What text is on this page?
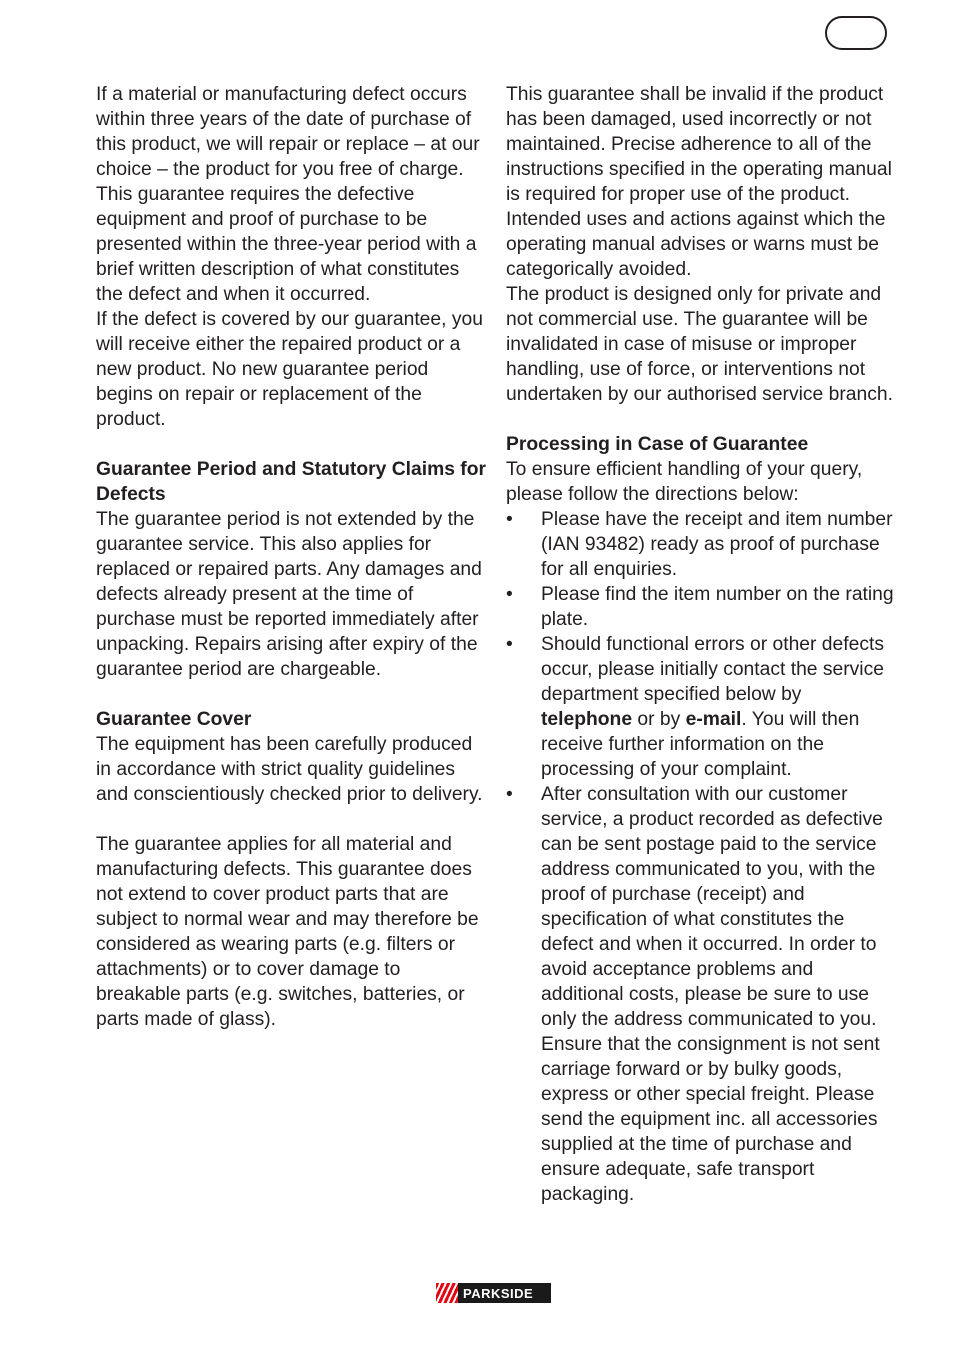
If a material or manufacturing defect occurs within three years of the date of purchase of this product, we will repair or replace – at our choice – the product for you free of charge. This guarantee requires the defective equipment and proof of purchase to be presented within the three-year period with a brief written description of what constitutes the defect and when it occurred.

If the defect is covered by our guarantee, you will receive either the repaired product or a new product. No new guarantee period begins on repair or replacement of the product.

Guarantee Period and Statutory Claims for Defects

The guarantee period is not extended by the guarantee service. This also applies for replaced or repaired parts. Any damages and defects already present at the time of purchase must be reported immediately after unpacking. Repairs arising after expiry of the guarantee period are chargeable.

Guarantee Cover

The equipment has been carefully produced in accordance with strict quality guidelines and conscientiously checked prior to delivery.

The guarantee applies for all material and manufacturing defects. This guarantee does not extend to cover product parts that are subject to normal wear and may therefore be considered as wearing parts (e.g. filters or attachments) or to cover damage to breakable parts (e.g. switches, batteries, or parts made of glass).

This guarantee shall be invalid if the product has been damaged, used incorrectly or not maintained. Precise adherence to all of the instructions specified in the operating manual is required for proper use of the product. Intended uses and actions against which the operating manual advises or warns must be categorically avoided.

The product is designed only for private and not commercial use. The guarantee will be invalidated in case of misuse or improper handling, use of force, or interventions not undertaken by our authorised service branch.

Processing in Case of Guarantee

To ensure efficient handling of your query, please follow the directions below:

• Please have the receipt and item number (IAN 93482) ready as proof of purchase for all enquiries.
• Please find the item number on the rating plate.
• Should functional errors or other defects occur, please initially contact the service department specified below by telephone or by e-mail. You will then receive further information on the processing of your complaint.
• After consultation with our customer service, a product recorded as defective can be sent postage paid to the service address communicated to you, with the proof of purchase (receipt) and specification of what constitutes the defect and when it occurred. In order to avoid acceptance problems and additional costs, please be sure to use only the address communicated to you. Ensure that the consignment is not sent carriage forward or by bulky goods, express or other special freight. Please send the equipment inc. all accessories supplied at the time of purchase and ensure adequate, safe transport packaging.
PARKSIDE
